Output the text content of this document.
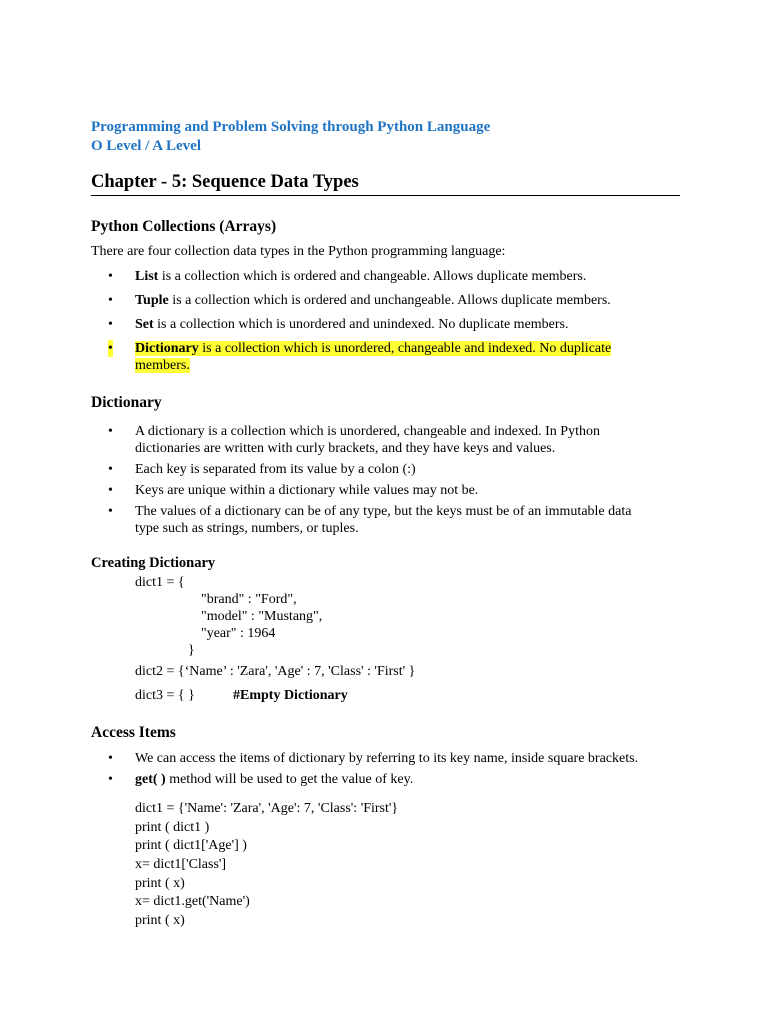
Programming and Problem Solving through Python Language
O Level / A Level
Chapter - 5: Sequence Data Types
Python Collections (Arrays)
There are four collection data types in the Python programming language:
• List is a collection which is ordered and changeable. Allows duplicate members.
• Tuple is a collection which is ordered and unchangeable. Allows duplicate members.
• Set is a collection which is unordered and unindexed. No duplicate members.
• Dictionary is a collection which is unordered, changeable and indexed. No duplicate
members.
Dictionary
• A dictionary is a collection which is unordered, changeable and indexed. In Python
dictionaries are written with curly brackets, and they have keys and values.
• Each key is separated from its value by a colon (:)
• Keys are unique within a dictionary while values may not be.
• The values of a dictionary can be of any type, but the keys must be of an immutable data
type such as strings, numbers, or tuples.
Creating Dictionary
dict1 = {
"brand" : "Ford",
"model" : "Mustang",
"year" : 1964
}
dict2 = {‘Name’ : 'Zara', 'Age' : 7, 'Class' : 'First' }
dict3 = { }	#Empty Dictionary
Access Items
• We can access the items of dictionary by referring to its key name, inside square brackets.
• get( ) method will be used to get the value of key.
dict1 = {'Name': 'Zara', 'Age': 7, 'Class': 'First'}
print ( dict1 )
print ( dict1['Age'] )
x= dict1['Class']
print ( x)
x= dict1.get('Name')
print ( x)
